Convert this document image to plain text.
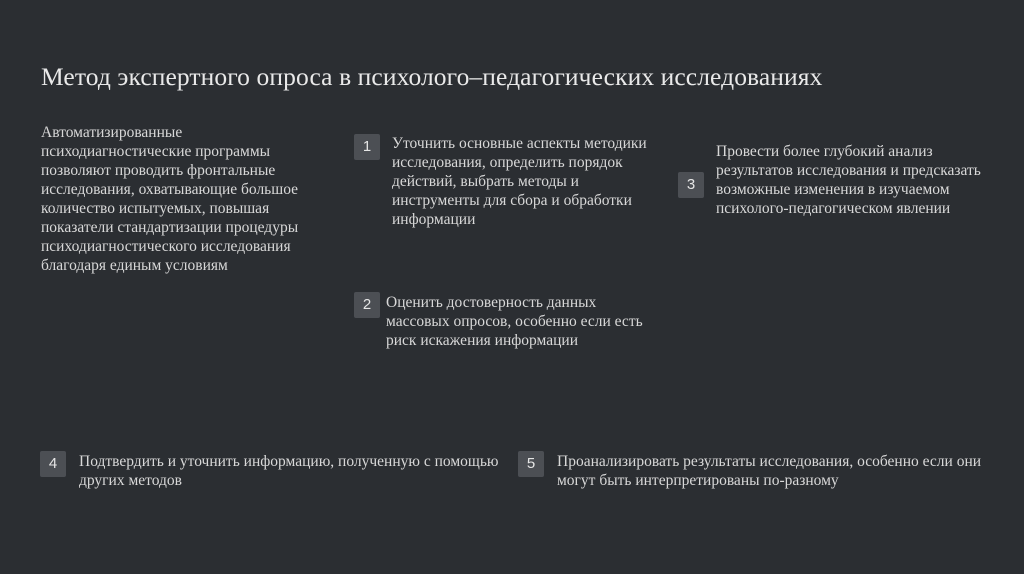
Метод экспертного опроса в психолого–педагогических исследованиях
Автоматизированные психодиагностические программы позволяют проводить фронтальные исследования, охватывающие большое количество испытуемых, повышая показатели стандартизации процедуры психодиагностического исследования благодаря единым условиям
1	Уточнить основные аспекты методики исследования, определить порядок действий, выбрать методы и инструменты для сбора и обработки информации
2 Оценить достоверность данных массовых опросов, особенно если есть риск искажения информации
3
Провести более глубокий анализ результатов исследования и предсказать возможные изменения в изучаемом психолого-педагогическом явлении
4	Подтвердить и уточнить информацию, полученную с помощью других методов
5	Проанализировать результаты исследования, особенно если они могут быть интерпретированы по-разному
